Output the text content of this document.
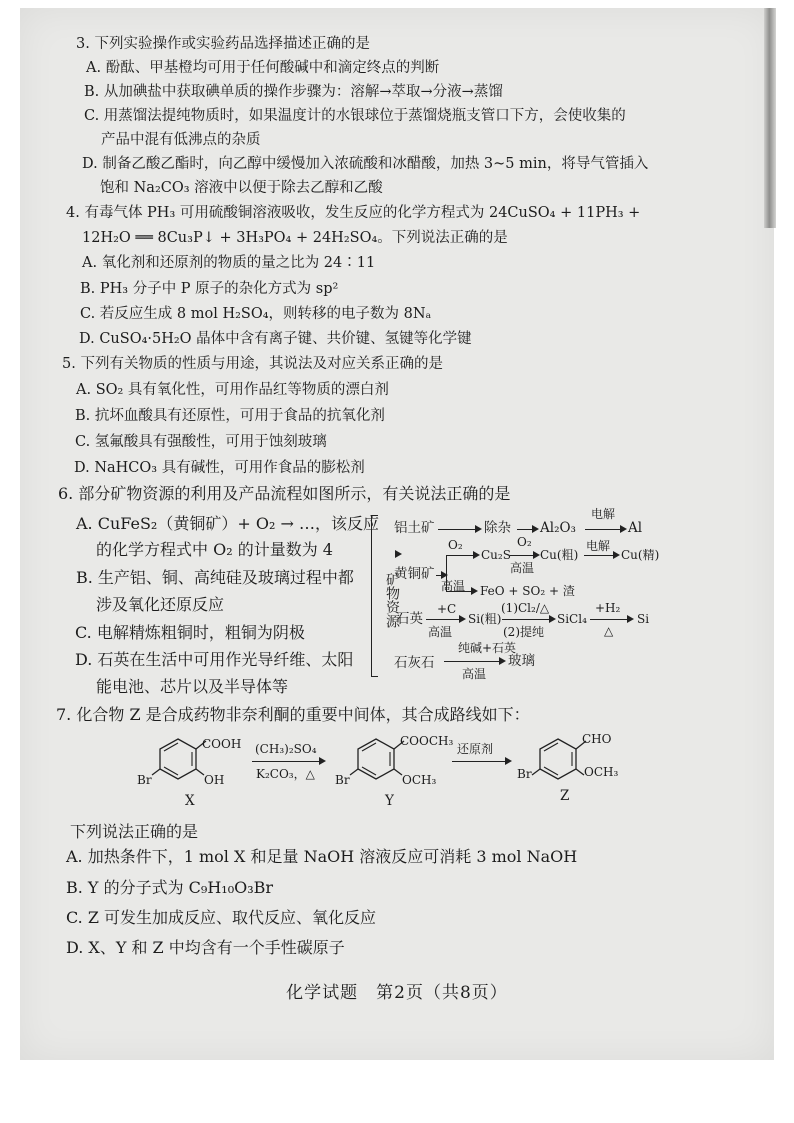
3. 下列实验操作或实验药品选择描述正确的是
A. 酚酞、甲基橙均可用于任何酸碱中和滴定终点的判断
B. 从加碘盐中获取碘单质的操作步骤为：溶解→萃取→分液→蒸馏
C. 用蒸馏法提纯物质时，如果温度计的水银球位于蒸馏烧瓶支管口下方，会使收集的
产品中混有低沸点的杂质
D. 制备乙酸乙酯时，向乙醇中缓慢加入浓硫酸和冰醋酸，加热 3~5 min，将导气管插入
饱和 Na₂CO₃ 溶液中以便于除去乙醇和乙酸
4. 有毒气体 PH₃ 可用硫酸铜溶液吸收，发生反应的化学方程式为 24CuSO₄ + 11PH₃ +
12H₂O ══ 8Cu₃P↓ + 3H₃PO₄ + 24H₂SO₄。下列说法正确的是
A. 氧化剂和还原剂的物质的量之比为 24∶11
B. PH₃ 分子中 P 原子的杂化方式为 sp²
C. 若反应生成 8 mol H₂SO₄，则转移的电子数为 8Nₐ
D. CuSO₄·5H₂O 晶体中含有离子键、共价键、氢键等化学键
5. 下列有关物质的性质与用途，其说法及对应关系正确的是
A. SO₂ 具有氧化性，可用作品红等物质的漂白剂
B. 抗坏血酸具有还原性，可用于食品的抗氧化剂
C. 氢氟酸具有强酸性，可用于蚀刻玻璃
D. NaHCO₃ 具有碱性，可用作食品的膨松剂
6. 部分矿物资源的利用及产品流程如图所示，有关说法正确的是
A. CuFeS₂（黄铜矿）+ O₂ → …，该反应
的化学方程式中 O₂ 的计量数为 4
B. 生产铝、铜、高纯硅及玻璃过程中都
涉及氧化还原反应
C. 电解精炼粗铜时，粗铜为阴极
D. 石英在生活中可用作光导纤维、太阳
能电池、芯片以及半导体等
矿物资源
铝土矿	除杂 Al₂O₃
电解
Al
黄铜矿
O₂
高温
Cu₂S
O₂
高温
Cu(粗)
电解
Cu(精)
FeO + SO₂ + 渣
石英
+C
高温
Si(粗)
(1)Cl₂/△
(2)提纯
SiCl₄
+H₂
△
Si
石灰石
纯碱+石英
高温
玻璃
7. 化合物 Z 是合成药物非奈利酮的重要中间体，其合成路线如下：
COOH
OH
Br
X
(CH₃)₂SO₄
K₂CO₃，△
COOCH₃
OCH₃
Br
Y
还原剂
CHO
OCH₃
Br
Z
下列说法正确的是
A. 加热条件下，1 mol X 和足量 NaOH 溶液反应可消耗 3 mol NaOH
B. Y 的分子式为 C₉H₁₀O₃Br
C. Z 可发生加成反应、取代反应、氧化反应
D. X、Y 和 Z 中均含有一个手性碳原子
化学试题　第2页（共8页）
